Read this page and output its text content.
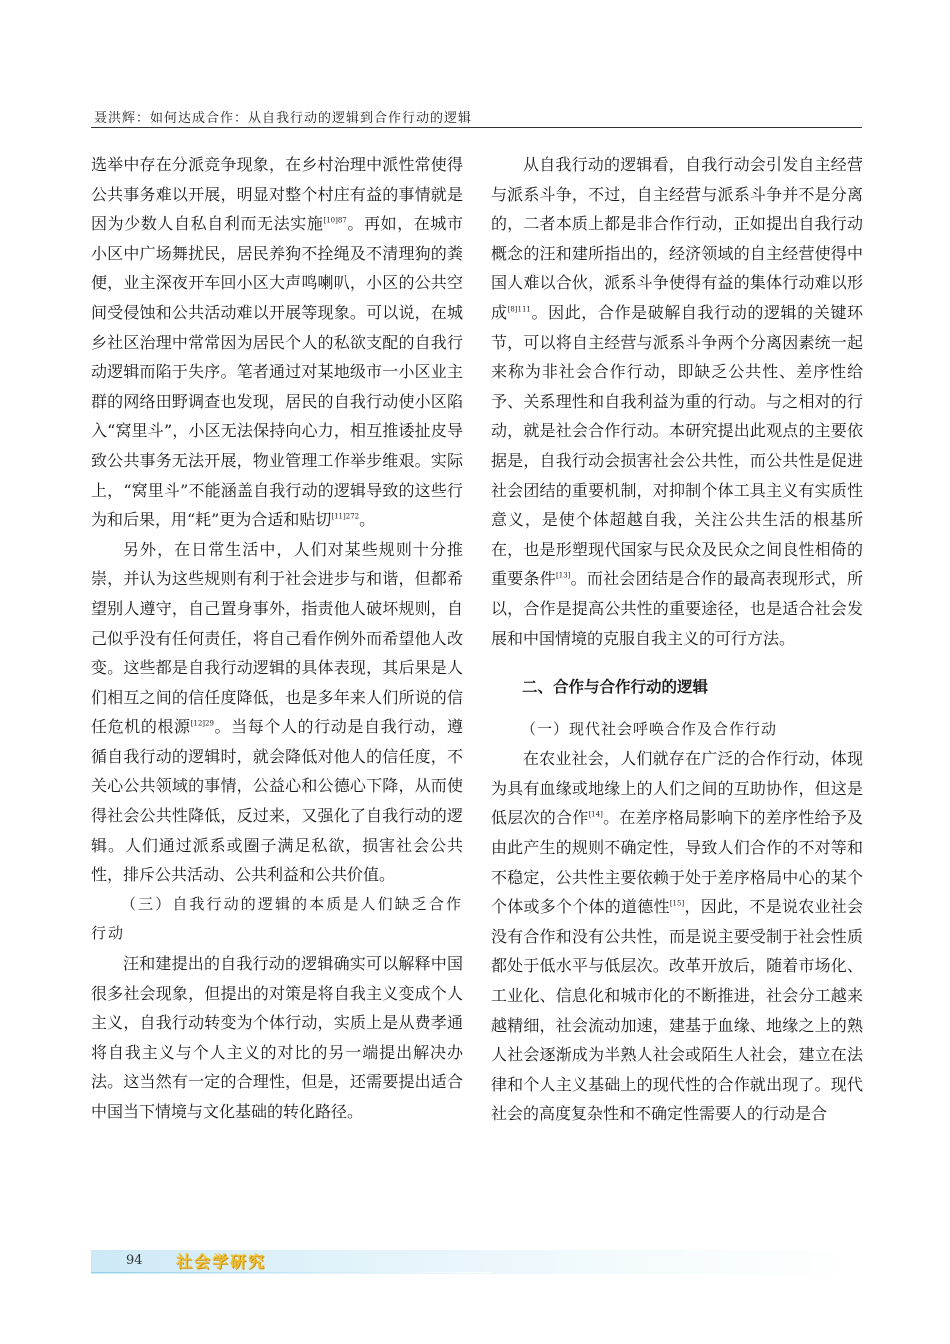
聂洪辉：如何达成合作：从自我行动的逻辑到合作行动的逻辑

选举中存在分派竞争现象，在乡村治理中派性常使得公共事务难以开展，明显对整个村庄有益的事情就是因为少数人自私自利而无法实施$^{[10]87}$。再如，在城市小区中广场舞扰民，居民养狗不拴绳及不清理狗的粪便，业主深夜开车回小区大声鸣喇叭，小区的公共空间受侵蚀和公共活动难以开展等现象。可以说，在城乡社区治理中常常因为居民个人的私欲支配的自我行动逻辑而陷于失序。笔者通过对某地级市一小区业主群的网络田野调查也发现，居民的自我行动使小区陷入“窝里斗”，小区无法保持向心力，相互推诿扯皮导致公共事务无法开展，物业管理工作举步维艰。实际上，“窝里斗”不能涵盖自我行动的逻辑导致的这些行为和后果，用“耗”更为合适和贴切$^{[11]272}$。

另外，在日常生活中，人们对某些规则十分推崇，并认为这些规则有利于社会进步与和谐，但都希望别人遵守，自己置身事外，指责他人破坏规则，自己似乎没有任何责任，将自己看作例外而希望他人改变。这些都是自我行动逻辑的具体表现，其后果是人们相互之间的信任度降低，也是多年来人们所说的信任危机的根源$^{[12]29}$。当每个人的行动是自我行动，遵循自我行动的逻辑时，就会降低对他人的信任度，不关心公共领域的事情，公益心和公德心下降，从而使得社会公共性降低，反过来，又强化了自我行动的逻辑。人们通过派系或圈子满足私欲，损害社会公共性，排斥公共活动、公共利益和公共价值。

（三）自我行动的逻辑的本质是人们缺乏合作行动

汪和建提出的自我行动的逻辑确实可以解释中国很多社会现象，但提出的对策是将自我主义变成个人主义，自我行动转变为个体行动，实质上是从费孝通将自我主义与个人主义的对比的另一端提出解决办法。这当然有一定的合理性，但是，还需要提出适合中国当下情境与文化基础的转化路径。

从自我行动的逻辑看，自我行动会引发自主经营与派系斗争，不过，自主经营与派系斗争并不是分离的，二者本质上都是非合作行动，正如提出自我行动概念的汪和建所指出的，经济领域的自主经营使得中国人难以合伙，派系斗争使得有益的集体行动难以形成$^{[8]111}$。因此，合作是破解自我行动的逻辑的关键环节，可以将自主经营与派系斗争两个分离因素统一起来称为非社会合作行动，即缺乏公共性、差序性给予、关系理性和自我利益为重的行动。与之相对的行动，就是社会合作行动。本研究提出此观点的主要依据是，自我行动会损害社会公共性，而公共性是促进社会团结的重要机制，对抑制个体工具主义有实质性意义，是使个体超越自我，关注公共生活的根基所在，也是形塑现代国家与民众及民众之间良性相倚的重要条件[13]。而社会团结是合作的最高表现形式，所以，合作是提高公共性的重要途径，也是适合社会发展和中国情境的克服自我主义的可行方法。

二、合作与合作行动的逻辑

（一）现代社会呼唤合作及合作行动

在农业社会，人们就存在广泛的合作行动，体现为具有血缘或地缘上的人们之间的互助协作，但这是低层次的合作[14]。在差序格局影响下的差序性给予及由此产生的规则不确定性，导致人们合作的不对等和不稳定，公共性主要依赖于处于差序格局中心的某个个体或多个个体的道德性[15]，因此，不是说农业社会没有合作和没有公共性，而是说主要受制于社会性质都处于低水平与低层次。改革开放后，随着市场化、工业化、信息化和城市化的不断推进，社会分工越来越精细，社会流动加速，建基于血缘、地缘之上的熟人社会逐渐成为半熟人社会或陌生人社会，建立在法律和个人主义基础上的现代性的合作就出现了。现代社会的高度复杂性和不确定性需要人的行动是合

94 社会学研究
